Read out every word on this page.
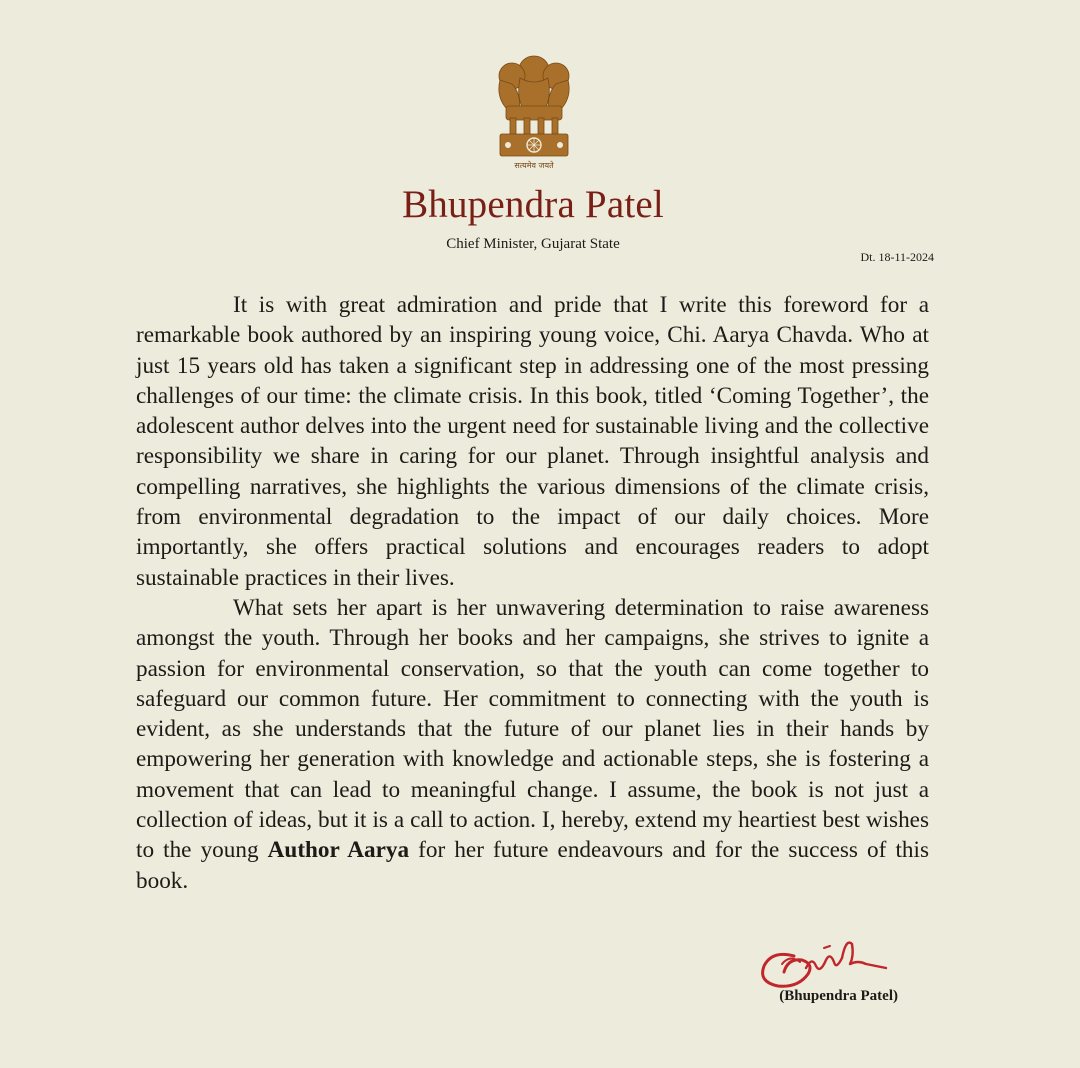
सत्यमेव जयते
Bhupendra Patel
Chief Minister, Gujarat State
Dt. 18-11-2024

It is with great admiration and pride that I write this foreword for a remarkable book authored by an inspiring young voice, Chi. Aarya Chavda. Who at just 15 years old has taken a significant step in addressing one of the most pressing challenges of our time: the climate crisis. In this book, titled ‘Coming Together’, the adolescent author delves into the urgent need for sustainable living and the collective responsibility we share in caring for our planet. Through insightful analysis and compelling narratives, she highlights the various dimensions of the climate crisis, from environmental degradation to the impact of our daily choices. More importantly, she offers practical solutions and encourages readers to adopt sustainable practices in their lives.

What sets her apart is her unwavering determination to raise awareness amongst the youth. Through her books and her campaigns, she strives to ignite a passion for environmental conservation, so that the youth can come together to safeguard our common future. Her commitment to connecting with the youth is evident, as she understands that the future of our planet lies in their hands by empowering her generation with knowledge and actionable steps, she is fostering a movement that can lead to meaningful change. I assume, the book is not just a collection of ideas, but it is a call to action. I, hereby, extend my heartiest best wishes to the young Author Aarya for her future endeavours and for the success of this book.

(Bhupendra Patel)
